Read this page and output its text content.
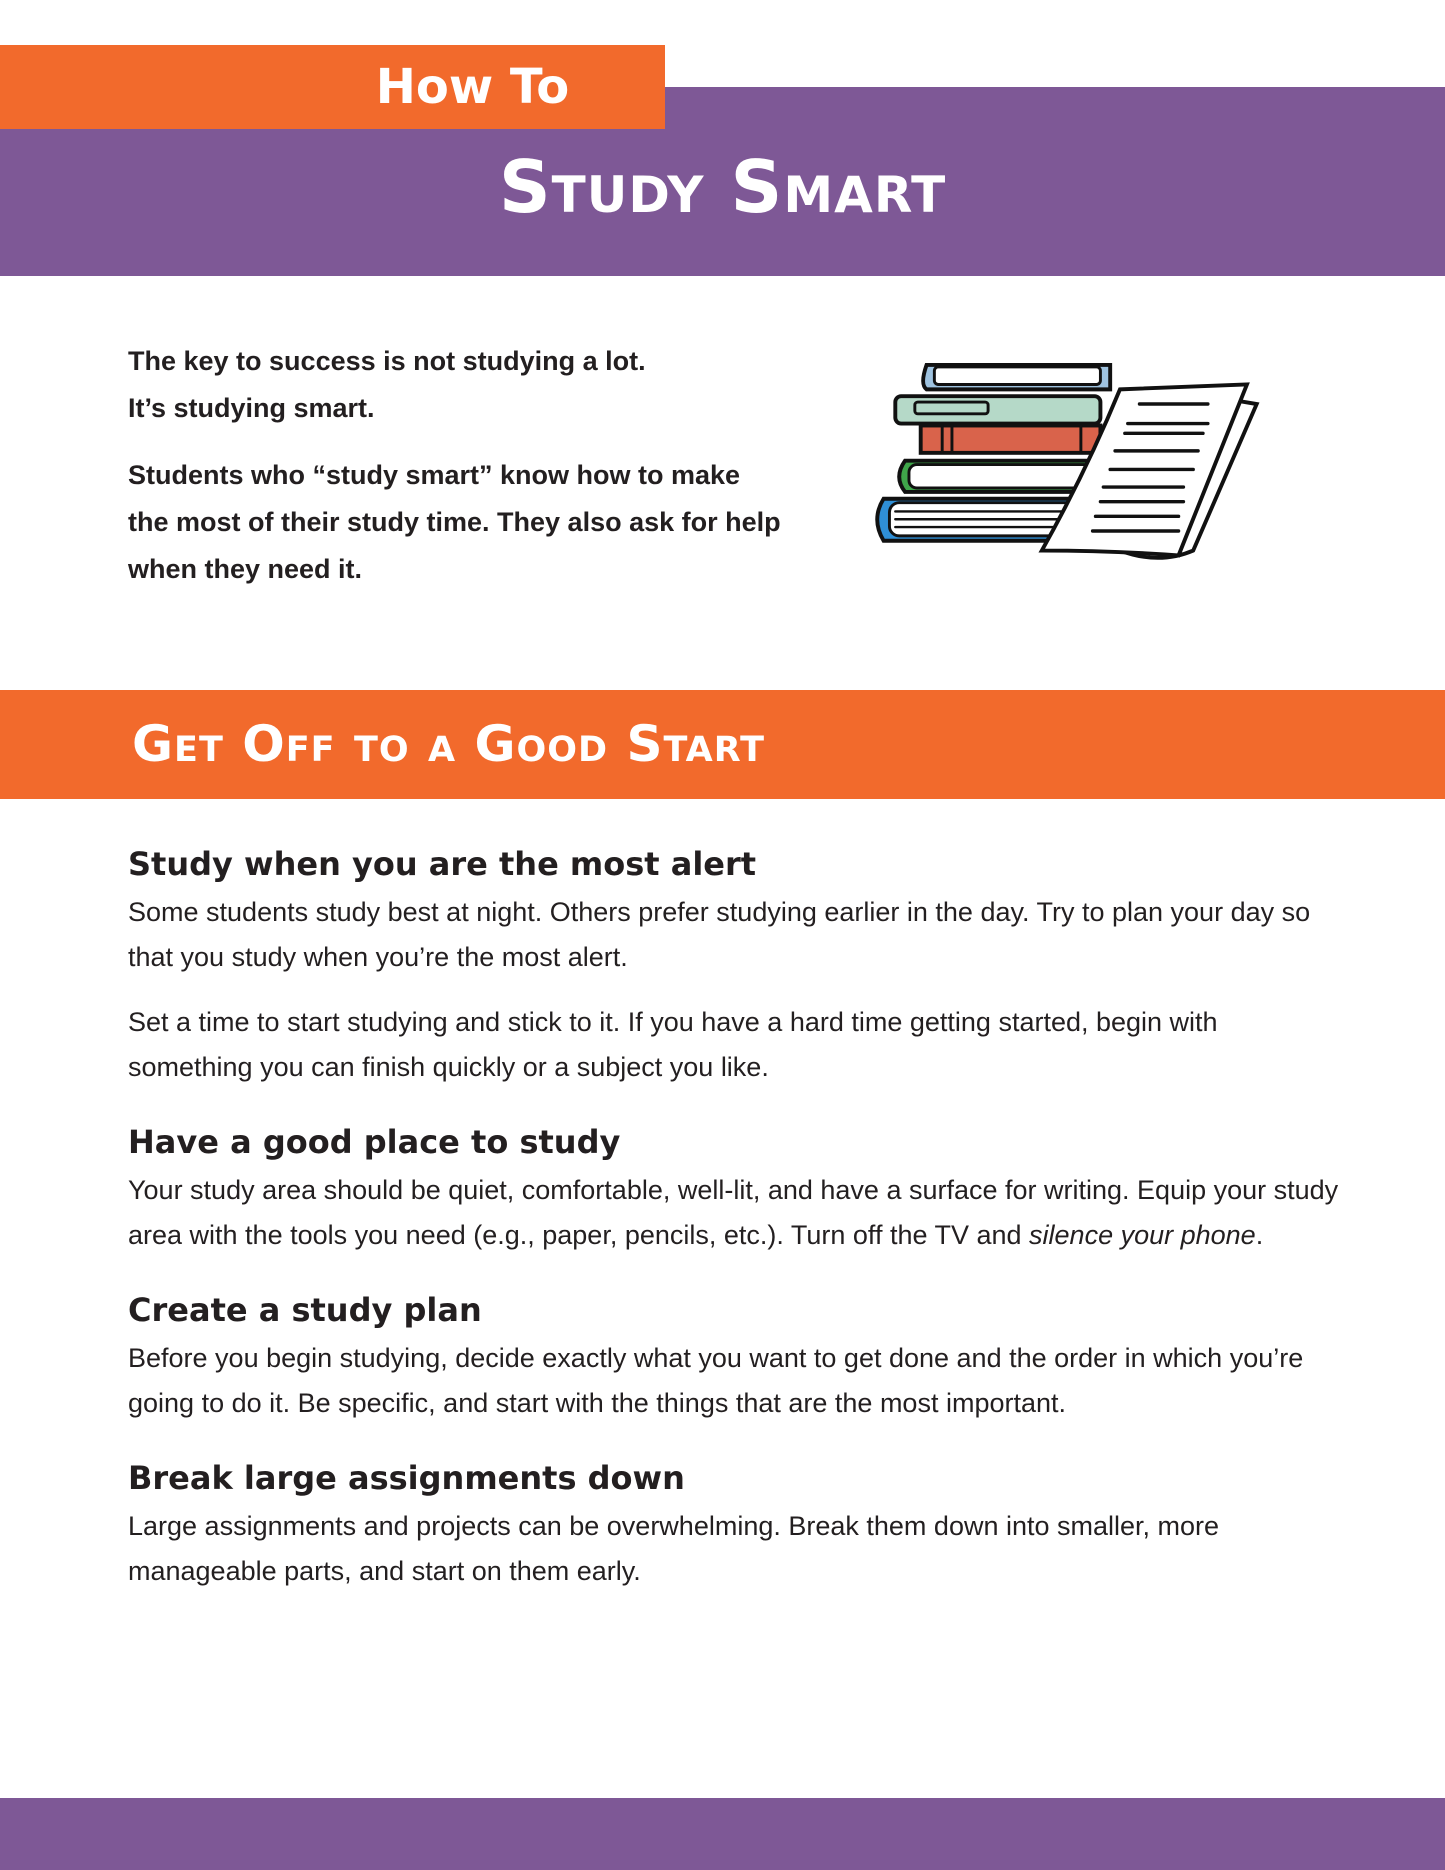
How To
Study Smart

The key to success is not studying a lot. It’s studying smart.

Students who “study smart” know how to make the most of their study time. They also ask for help when they need it.

Get Off to a Good Start
Study when you are the most alert

Some students study best at night. Others prefer studying earlier in the day. Try to plan your day so that you study when you’re the most alert.

Set a time to start studying and stick to it. If you have a hard time getting started, begin with something you can finish quickly or a subject you like.

Have a good place to study

Your study area should be quiet, comfortable, well-lit, and have a surface for writing. Equip your study area with the tools you need (e.g., paper, pencils, etc.). Turn off the TV and silence your phone.

Create a study plan

Before you begin studying, decide exactly what you want to get done and the order in which you’re going to do it. Be specific, and start with the things that are the most important.

Break large assignments down

Large assignments and projects can be overwhelming. Break them down into smaller, more manageable parts, and start on them early.
